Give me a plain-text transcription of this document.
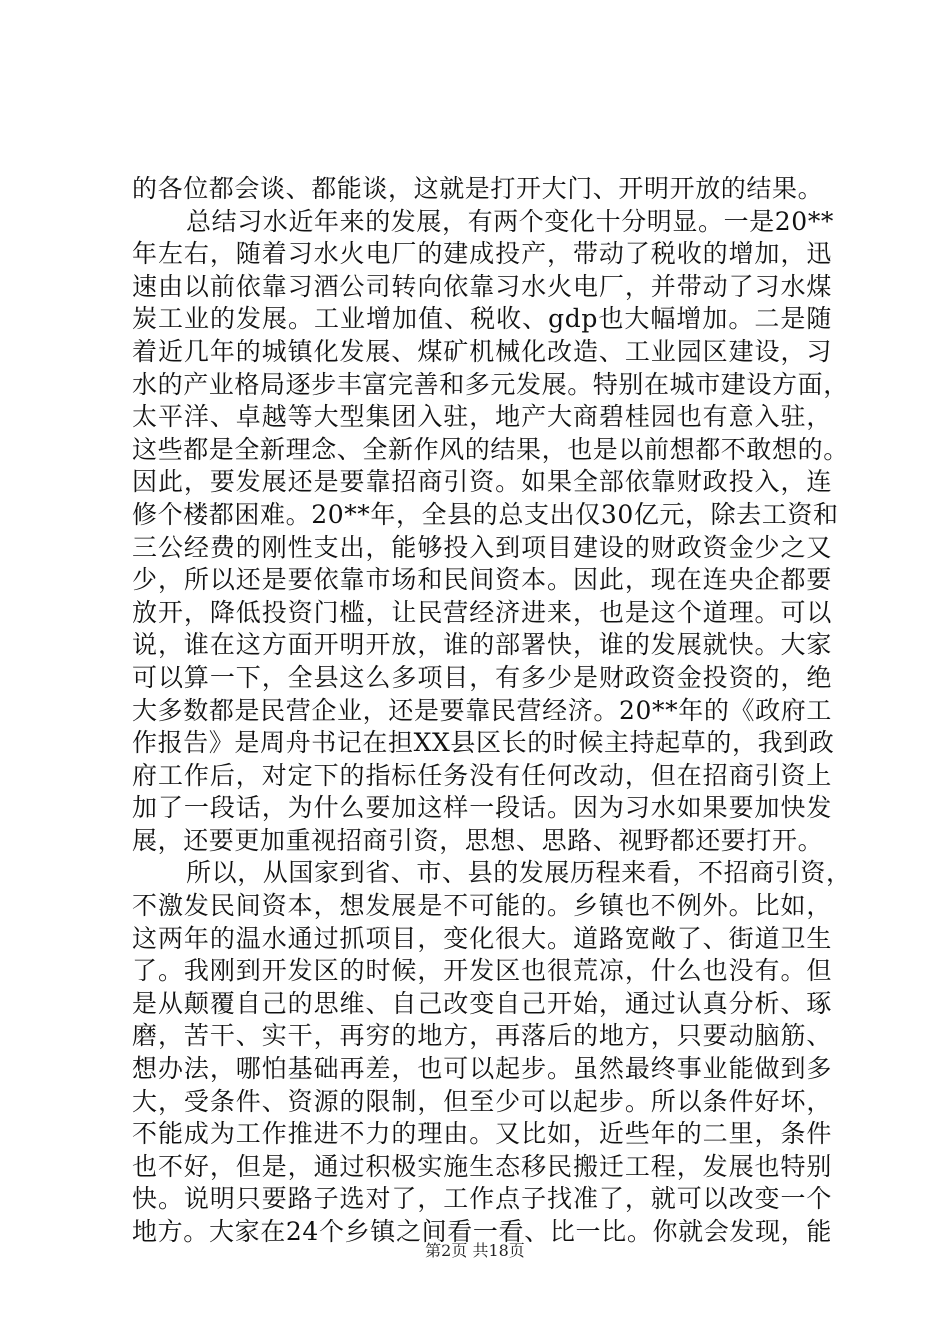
的各位都会谈、都能谈，这就是打开大门、开明开放的结果。
总结习水近年来的发展，有两个变化十分明显。一是20**
年左右，随着习水火电厂的建成投产，带动了税收的增加，迅
速由以前依靠习酒公司转向依靠习水火电厂，并带动了习水煤
炭工业的发展。工业增加值、税收、gdp也大幅增加。二是随
着近几年的城镇化发展、煤矿机械化改造、工业园区建设，习
水的产业格局逐步丰富完善和多元发展。特别在城市建设方面，
太平洋、卓越等大型集团入驻，地产大商碧桂园也有意入驻，
这些都是全新理念、全新作风的结果，也是以前想都不敢想的。
因此，要发展还是要靠招商引资。如果全部依靠财政投入，连
修个楼都困难。20**年，全县的总支出仅30亿元，除去工资和
三公经费的刚性支出，能够投入到项目建设的财政资金少之又
少，所以还是要依靠市场和民间资本。因此，现在连央企都要
放开，降低投资门槛，让民营经济进来，也是这个道理。可以
说，谁在这方面开明开放，谁的部署快，谁的发展就快。大家
可以算一下，全县这么多项目，有多少是财政资金投资的，绝
大多数都是民营企业，还是要靠民营经济。20**年的《政府工
作报告》是周舟书记在担XX县区长的时候主持起草的，我到政
府工作后，对定下的指标任务没有任何改动，但在招商引资上
加了一段话，为什么要加这样一段话。因为习水如果要加快发
展，还要更加重视招商引资，思想、思路、视野都还要打开。
所以，从国家到省、市、县的发展历程来看，不招商引资，
不激发民间资本，想发展是不可能的。乡镇也不例外。比如，
这两年的温水通过抓项目，变化很大。道路宽敞了、街道卫生
了。我刚到开发区的时候，开发区也很荒凉，什么也没有。但
是从颠覆自己的思维、自己改变自己开始，通过认真分析、琢
磨，苦干、实干，再穷的地方，再落后的地方，只要动脑筋、
想办法，哪怕基础再差，也可以起步。虽然最终事业能做到多
大，受条件、资源的限制，但至少可以起步。所以条件好坏，
不能成为工作推进不力的理由。又比如，近些年的二里，条件
也不好，但是，通过积极实施生态移民搬迁工程，发展也特别
快。说明只要路子选对了，工作点子找准了，就可以改变一个
地方。大家在24个乡镇之间看一看、比一比。你就会发现，能
第2页 共18页
